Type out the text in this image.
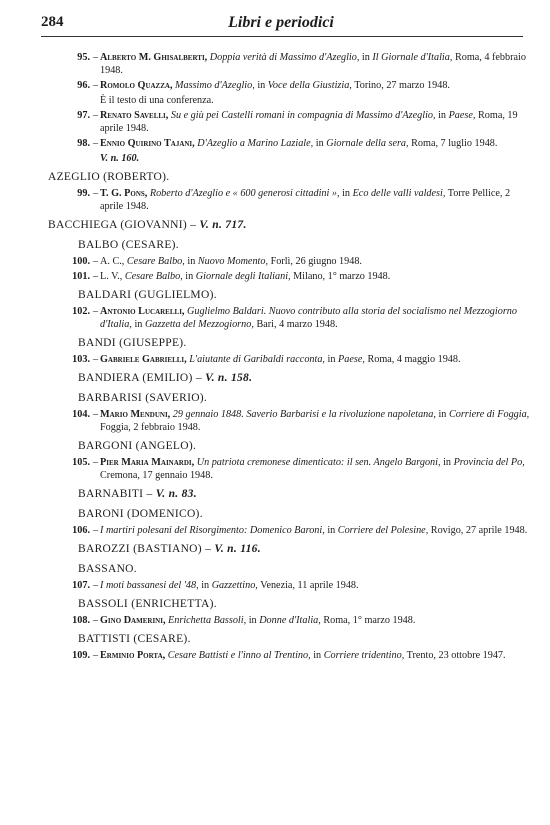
284	Libri e periodici
95. – Alberto M. Ghisalberti, Doppia verità di Massimo d'Azeglio, in Il Giornale d'Italia, Roma, 4 febbraio 1948.
96. – Romolo Quazza, Massimo d'Azeglio, in Voce della Giustizia, Torino, 27 marzo 1948.
È il testo di una conferenza.
97. – Renato Savelli, Su e giù pei Castelli romani in compagnia di Massimo d'Azeglio, in Paese, Roma, 19 aprile 1948.
98. – Ennio Quirino Tajani, D'Azeglio a Marino Laziale, in Giornale della sera, Roma, 7 luglio 1948.
V. n. 160.
AZEGLIO (ROBERTO).
99. – T. G. Pons, Roberto d'Azeglio e « 600 generosi cittadini », in Eco delle valli valdesi, Torre Pellice, 2 aprile 1948.
BACCHIEGA (GIOVANNI) – V. n. 717.
BALBO (CESARE).
100. – A. C., Cesare Balbo, in Nuovo Momento, Forlì, 26 giugno 1948.
101. – L. V., Cesare Balbo, in Giornale degli Italiani, Milano, 1° marzo 1948.
BALDARI (GUGLIELMO).
102. – Antonio Lucarelli, Guglielmo Baldari. Nuovo contributo alla storia del socialismo nel Mezzogiorno d'Italia, in Gazzetta del Mezzogiorno, Bari, 4 marzo 1948.
BANDI (GIUSEPPE).
103. – Gabriele Gabrielli, L'aiutante di Garibaldi racconta, in Paese, Roma, 4 maggio 1948.
BANDIERA (EMILIO) – V. n. 158.
BARBARISI (SAVERIO).
104. – Mario Menduni, 29 gennaio 1848. Saverio Barbarisi e la rivoluzione napoletana, in Corriere di Foggia, Foggia, 2 febbraio 1948.
BARGONI (ANGELO).
105. – Pier Maria Mainardi, Un patriota cremonese dimenticato: il sen. Angelo Bargoni, in Provincia del Po, Cremona, 17 gennaio 1948.
BARNABITI – V. n. 83.
BARONI (DOMENICO).
106. – I martiri polesani del Risorgimento: Domenico Baroni, in Corriere del Polesine, Rovigo, 27 aprile 1948.
BAROZZI (BASTIANO) – V. n. 116.
BASSANO.
107. – I moti bassanesi del '48, in Gazzettino, Venezia, 11 aprile 1948.
BASSOLI (ENRICHETTA).
108. – Gino Damerini, Enrichetta Bassoli, in Donne d'Italia, Roma, 1° marzo 1948.
BATTISTI (CESARE).
109. – Erminio Porta, Cesare Battisti e l'inno al Trentino, in Corriere tridentino, Trento, 23 ottobre 1947.
